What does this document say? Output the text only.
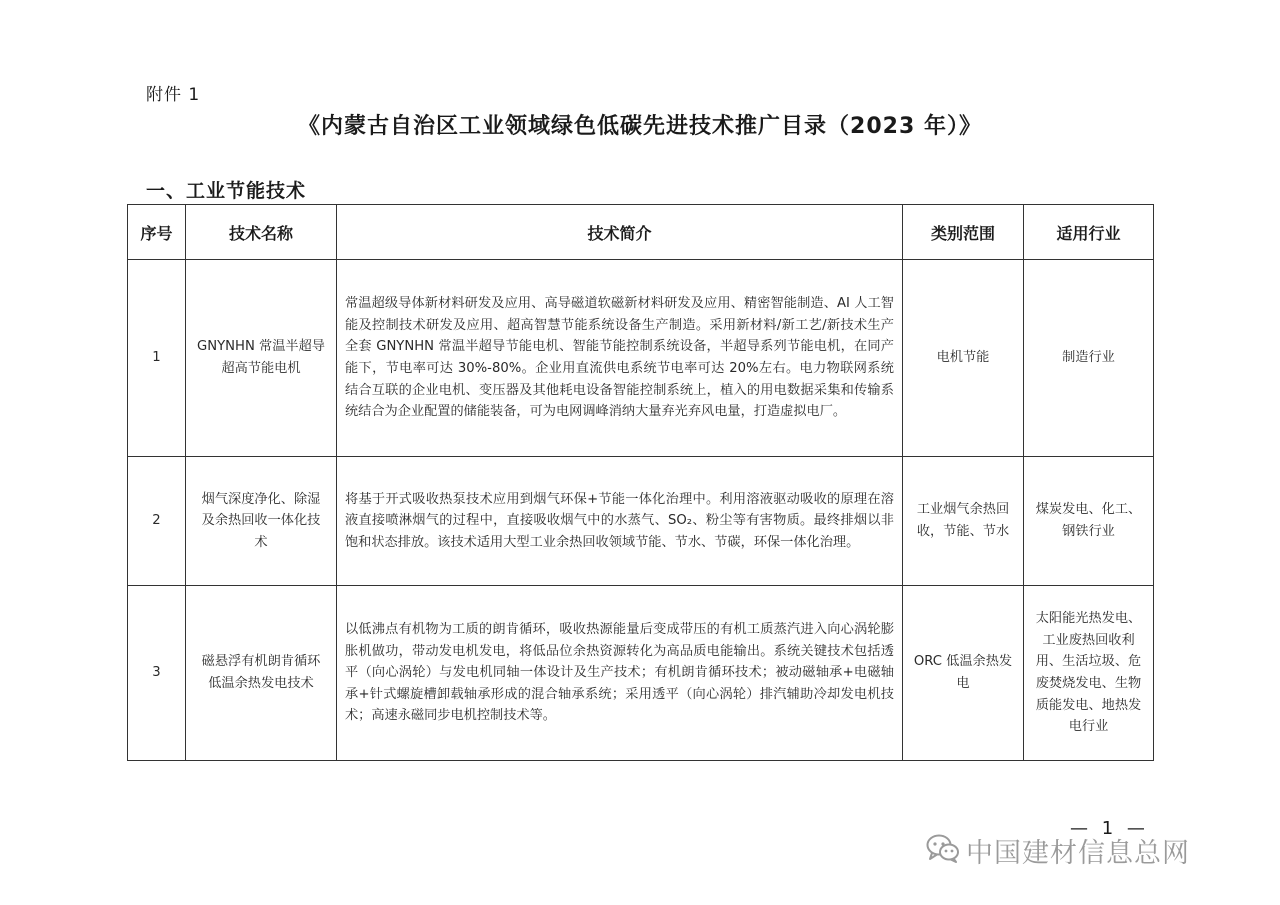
附件 1
《内蒙古自治区工业领域绿色低碳先进技术推广目录（2023 年）》
一、工业节能技术
序号	技术名称	技术简介	类别范围	适用行业
1	GNYNHN 常温半超导超高节能电机	常温超级导体新材料研发及应用、高导磁道软磁新材料研发及应用、精密智能制造、AI 人工智能及控制技术研发及应用、超高智慧节能系统设备生产制造。采用新材料/新工艺/新技术生产全套 GNYNHN 常温半超导节能电机、智能节能控制系统设备，半超导系列节能电机，在同产能下，节电率可达 30%-80%。企业用直流供电系统节电率可达 20%左右。电力物联网系统结合互联的企业电机、变压器及其他耗电设备智能控制系统上，植入的用电数据采集和传输系统结合为企业配置的储能装备，可为电网调峰消纳大量弃光弃风电量，打造虚拟电厂。	电机节能	制造行业
2	烟气深度净化、除湿及余热回收一体化技术	将基于开式吸收热泵技术应用到烟气环保+节能一体化治理中。利用溶液驱动吸收的原理在溶液直接喷淋烟气的过程中，直接吸收烟气中的水蒸气、SO₂、粉尘等有害物质。最终排烟以非饱和状态排放。该技术适用大型工业余热回收领域节能、节水、节碳，环保一体化治理。	工业烟气余热回收，节能、节水	煤炭发电、化工、钢铁行业
3	磁悬浮有机朗肯循环低温余热发电技术	以低沸点有机物为工质的朗肯循环，吸收热源能量后变成带压的有机工质蒸汽进入向心涡轮膨胀机做功，带动发电机发电，将低品位余热资源转化为高品质电能输出。系统关键技术包括透平（向心涡轮）与发电机同轴一体设计及生产技术；有机朗肯循环技术；被动磁轴承+电磁轴承+针式螺旋槽卸载轴承形成的混合轴承系统；采用透平（向心涡轮）排汽辅助冷却发电机技术；高速永磁同步电机控制技术等。	ORC 低温余热发电	太阳能光热发电、工业废热回收利用、生活垃圾、危废焚烧发电、生物质能发电、地热发电行业
— 1 —
中国建材信息总网
